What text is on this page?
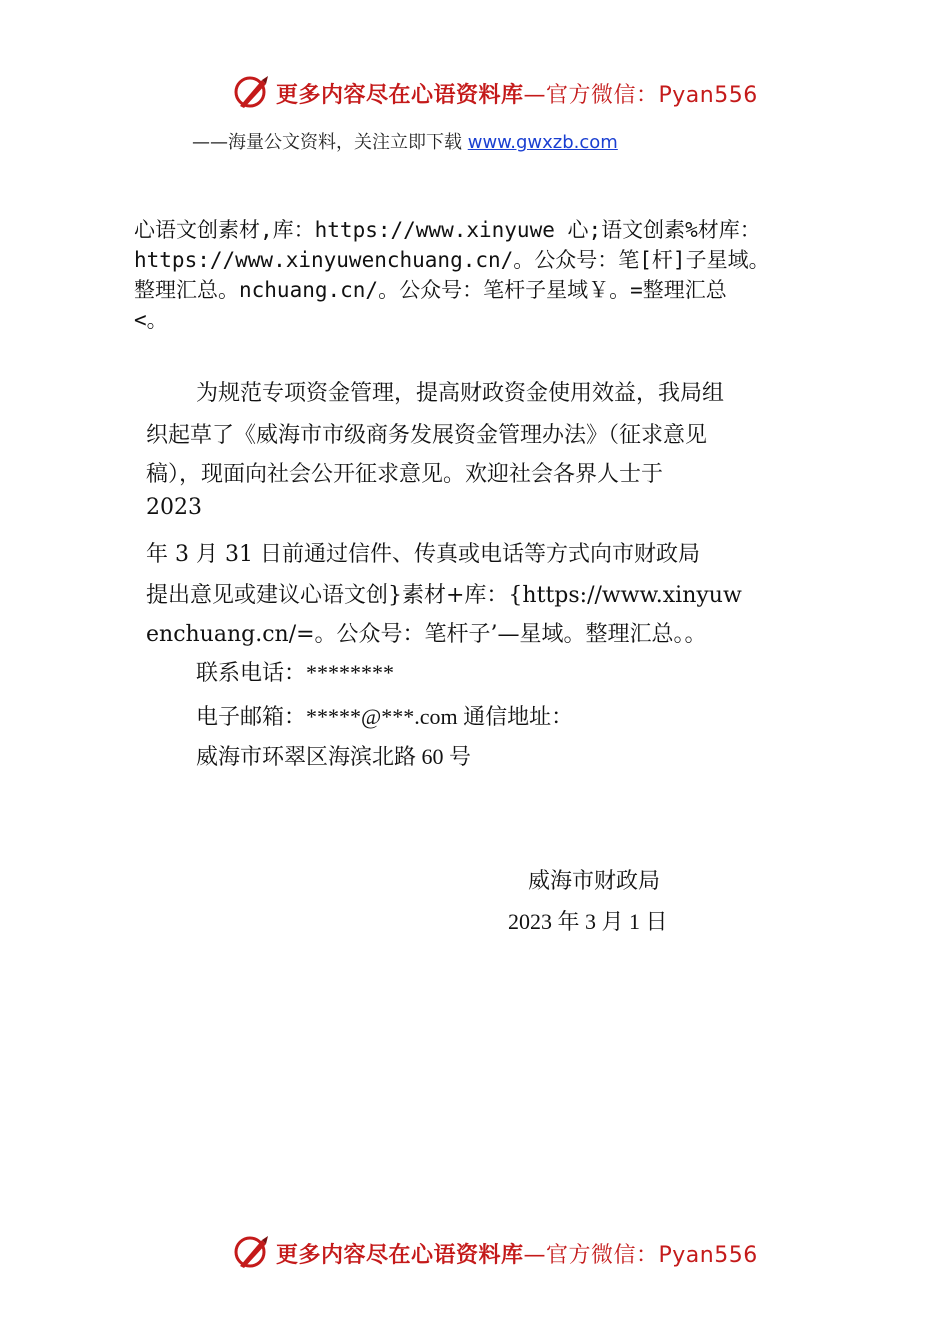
更多内容尽在心语资料库—官方微信：Pyan556
——海量公文资料，关注立即下载 www.gwxzb.com
心语文创素材,库：https://www.xinyuwe 心;语文创素%材库：
https://www.xinyuwenchuang.cn/。公众号：笔[杆]子星域。
整理汇总。nchuang.cn/。公众号：笔杆子星域￥。=整理汇总
<。
为规范专项资金管理，提高财政资金使用效益，我局组
织起草了《威海市市级商务发展资金管理办法》（征求意见
稿），现面向社会公开征求意见。欢迎社会各界人士于
2023
年 3 月 31 日前通过信件、传真或电话等方式向市财政局
提出意见或建议心语文创}素材+库：{https://www.xinyuw
enchuang.cn/=。公众号：笔杆子’—星域。整理汇总。。
联系电话：********
电子邮箱：*****@***.com 通信地址：
威海市环翠区海滨北路 60 号
威海市财政局
2023 年 3 月 1 日
更多内容尽在心语资料库—官方微信：Pyan556
